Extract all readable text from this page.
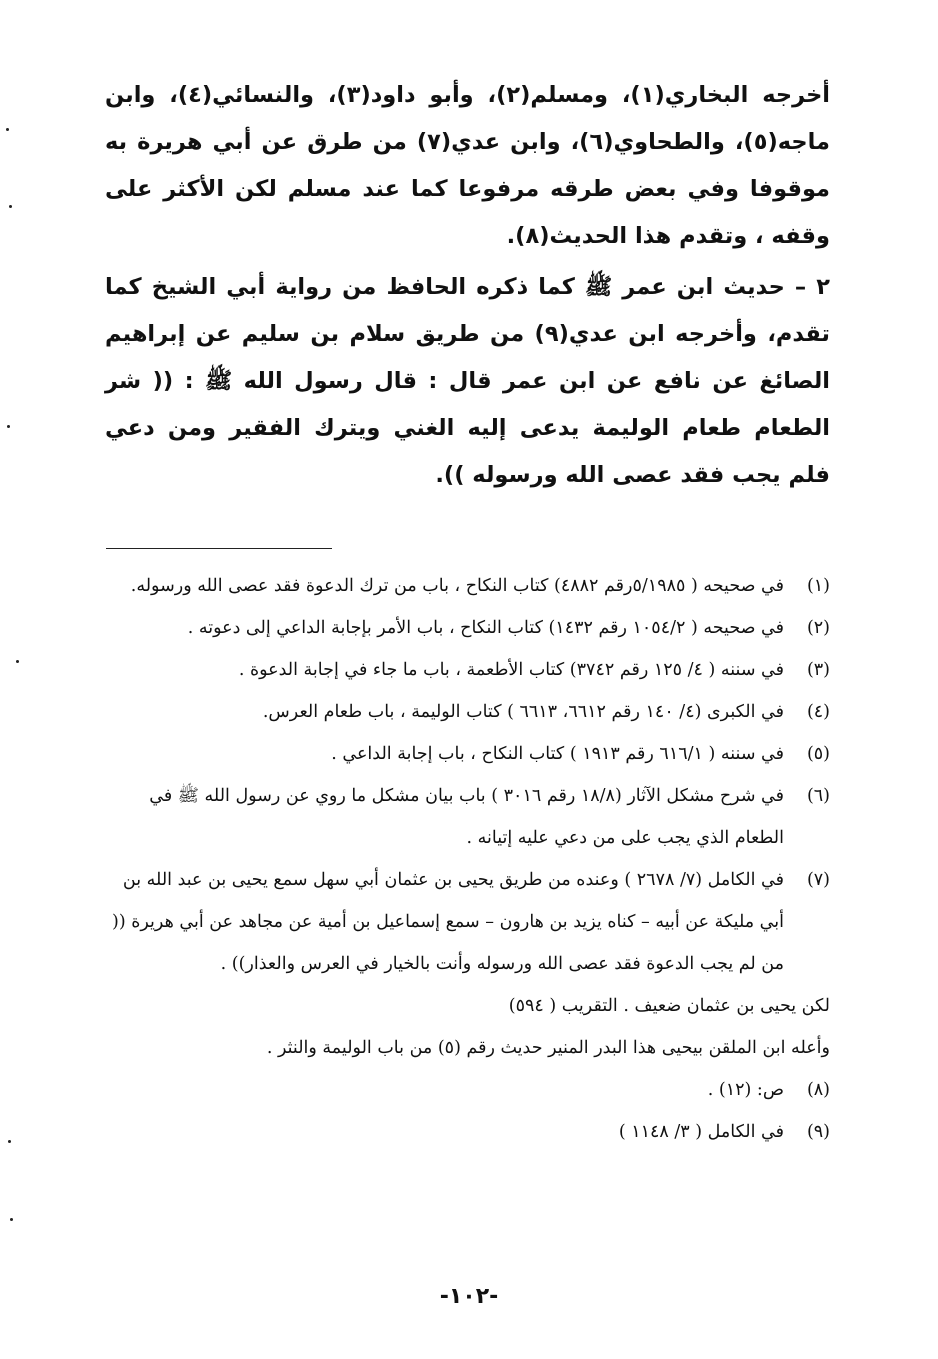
أخرجه البخاري(١)، ومسلم(٢)، وأبو داود(٣)، والنسائي(٤)، وابن ماجه(٥)، والطحاوي(٦)، وابن عدي(٧) من طرق عن أبي هريرة به موقوفا وفي بعض طرقه مرفوعا كما عند مسلم لكن الأكثر على وقفه ، وتقدم هذا الحديث(٨).

٢ – حديث ابن عمر ﷺ كما ذكره الحافظ من رواية أبي الشيخ كما تقدم، وأخرجه ابن عدي(٩) من طريق سلام بن سليم عن إبراهيم الصائغ عن نافع عن ابن عمر قال : قال رسول الله ﷺ : (( شر الطعام طعام الوليمة يدعى إليه الغني ويترك الفقير ومن دعي فلم يجب فقد عصى الله ورسوله )).

(١)
في صحيحه ( ٥/١٩٨٥رقم ٤٨٨٢) كتاب النكاح ، باب من ترك الدعوة فقد عصى الله ورسوله.
(٢)
في صحيحه ( ١٠٥٤/٢ رقم ١٤٣٢) كتاب النكاح ، باب الأمر بإجابة الداعي إلى دعوته .
(٣)
في سننه ( ٤/ ١٢٥ رقم ٣٧٤٢) كتاب الأطعمة ، باب ما جاء في إجابة الدعوة .
(٤)
في الكبرى (٤/ ١٤٠ رقم ٦٦١٢، ٦٦١٣ ) كتاب الوليمة ، باب طعام العرس.
(٥)
في سننه ( ٦١٦/١ رقم ١٩١٣ ) كتاب النكاح ، باب إجابة الداعي .
(٦)
في شرح مشكل الآثار (١٨/٨ رقم ٣٠١٦ ) باب بيان مشكل ما روي عن رسول الله ﷺ في الطعام الذي يجب على من دعي عليه إتيانه .
(٧)
في الكامل (٧/ ٢٦٧٨ ) وعنده من طريق يحيى بن عثمان أبي سهل سمع يحيى بن عبد الله بن أبي مليكة عن أبيه – كناه يزيد بن هارون – سمع إسماعيل بن أمية عن مجاهد عن أبي هريرة (( من لم يجب الدعوة فقد عصى الله ورسوله وأنت بالخيار في العرس والعذار)) .
لكن يحيى بن عثمان ضعيف . التقريب ( ٥٩٤)
وأعله ابن الملقن بيحيى هذا البدر المنير حديث رقم (٥) من باب الوليمة والنثر .
(٨)
ص: (١٢) .
(٩)
في الكامل ( ٣/ ١١٤٨ )
-١٠٢-
